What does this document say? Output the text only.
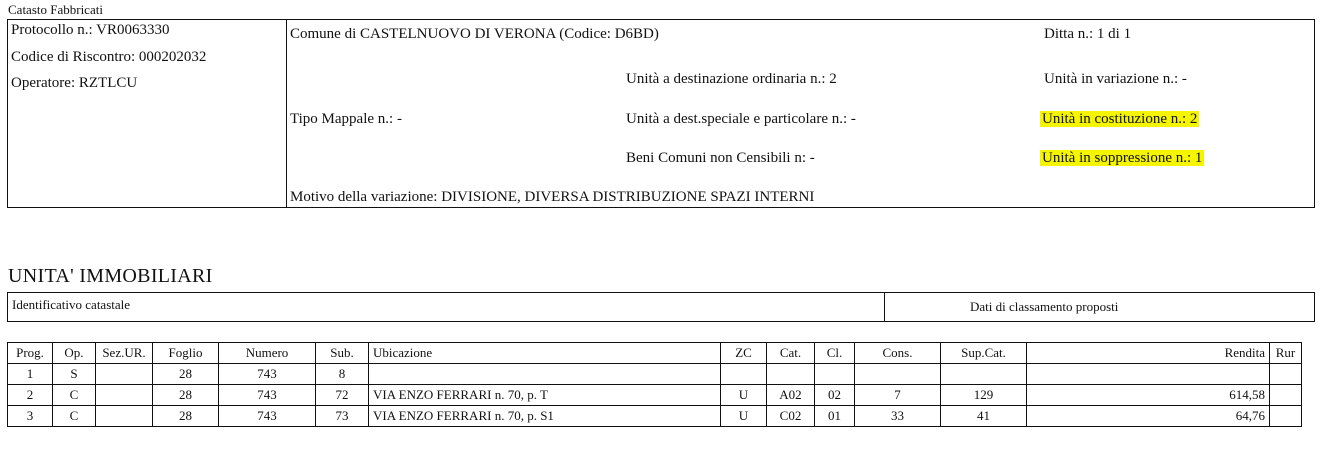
Catasto Fabbricati
Protocollo n.: VR0063330
Codice di Riscontro: 000202032
Operatore: RZTLCU
Comune di CASTELNUOVO DI VERONA (Codice: D6BD)	Ditta n.: 1 di 1
Unità a destinazione ordinaria n.: 2	Unità in variazione n.: -
Tipo Mappale n.: -	Unità a dest.speciale e particolare n.: -	Unità in costituzione n.: 2
Beni Comuni non Censibili n: -	Unità in soppressione n.: 1
Motivo della variazione: DIVISIONE, DIVERSA DISTRIBUZIONE SPAZI INTERNI
UNITA' IMMOBILIARI
Identificativo catastale	Dati di classamento proposti
Prog.	Op.	Sez.UR.	Foglio	Numero	Sub.	Ubicazione	ZC	Cat.	Cl.	Cons.	Sup.Cat.	Rendita	Rur
1	S		28	743	8								
2	C		28	743	72	VIA ENZO FERRARI n. 70, p. T	U	A02	02	7	129	614,58	
3	C		28	743	73	VIA ENZO FERRARI n. 70, p. S1	U	C02	01	33	41	64,76	
